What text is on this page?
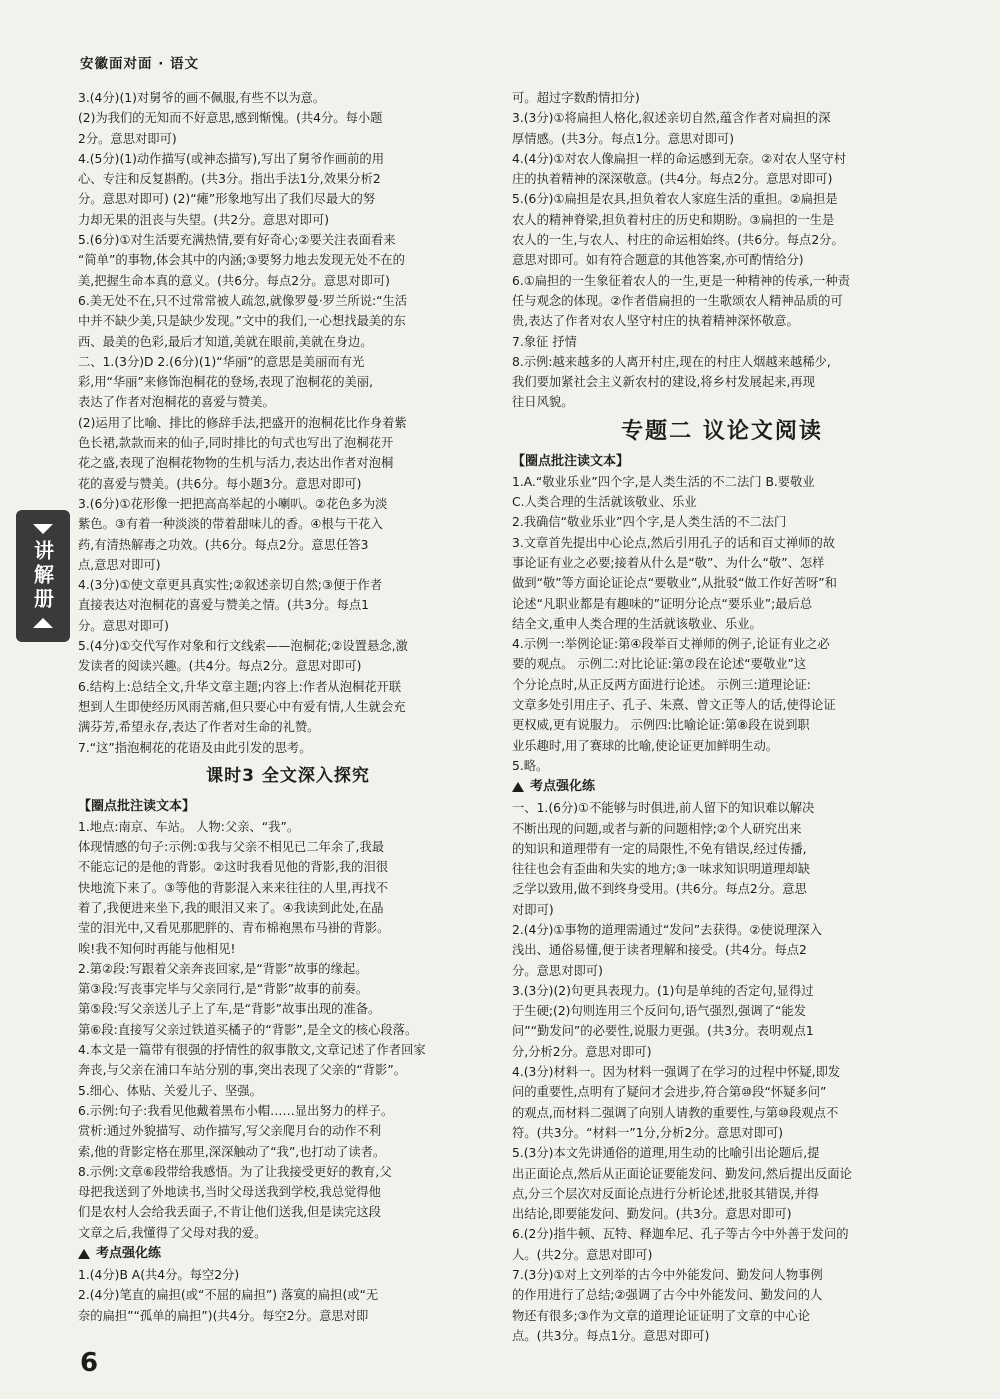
安徽面对面 · 语文
讲解册
3.(4分)(1)对舅爷的画不佩服,有些不以为意。
(2)为我们的无知而不好意思,感到惭愧。(共4分。每小题
2分。意思对即可)
4.(5分)(1)动作描写(或神态描写),写出了舅爷作画前的用
心、专注和反复斟酌。(共3分。指出手法1分,效果分析2
分。意思对即可) (2)“瘫”形象地写出了我们尽最大的努
力却无果的沮丧与失望。(共2分。意思对即可)
5.(6分)①对生活要充满热情,要有好奇心;②要关注表面看来
“简单”的事物,体会其中的内涵;③要努力地去发现无处不在的
美,把握生命本真的意义。(共6分。每点2分。意思对即可)
6.美无处不在,只不过常常被人疏忽,就像罗曼·罗兰所说:“生活
中并不缺少美,只是缺少发现。”文中的我们,一心想找最美的东
西、最美的色彩,最后才知道,美就在眼前,美就在身边。
二、1.(3分)D 2.(6分)(1)“华丽”的意思是美丽而有光
彩,用“华丽”来修饰泡桐花的登场,表现了泡桐花的美丽,
表达了作者对泡桐花的喜爱与赞美。
(2)运用了比喻、排比的修辞手法,把盛开的泡桐花比作身着紫
色长裙,款款而来的仙子,同时排比的句式也写出了泡桐花开
花之盛,表现了泡桐花物物的生机与活力,表达出作者对泡桐
花的喜爱与赞美。(共6分。每小题3分。意思对即可)
3.(6分)①花形像一把把高高举起的小喇叭。②花色多为淡
紫色。③有着一种淡淡的带着甜味儿的香。④根与干花入
药,有清热解毒之功效。(共6分。每点2分。意思任答3
点,意思对即可)
4.(3分)①使文章更具真实性;②叙述亲切自然;③便于作者
直接表达对泡桐花的喜爱与赞美之情。(共3分。每点1
分。意思对即可)
5.(4分)①交代写作对象和行文线索——泡桐花;②设置悬念,激
发读者的阅读兴趣。(共4分。每点2分。意思对即可)
6.结构上:总结全文,升华文章主题;内容上:作者从泡桐花开联
想到人生即使经历风雨苦痛,但只要心中有爱有情,人生就会充
满芬芳,希望永存,表达了作者对生命的礼赞。
7.“这”指泡桐花的花语及由此引发的思考。
课时3 全文深入探究
【圈点批注读文本】
1.地点:南京、车站。 人物:父亲、“我”。
体现情感的句子:示例:①我与父亲不相见已二年余了,我最
不能忘记的是他的背影。②这时我看见他的背影,我的泪很
快地流下来了。③等他的背影混入来来往往的人里,再找不
着了,我便进来坐下,我的眼泪又来了。④我读到此处,在晶
莹的泪光中,又看见那肥胖的、青布棉袍黑布马褂的背影。
唉!我不知何时再能与他相见!
2.第②段:写跟着父亲奔丧回家,是“背影”故事的缘起。
第③段:写丧事完毕与父亲同行,是“背影”故事的前奏。
第⑤段:写父亲送儿子上了车,是“背影”故事出现的准备。
第⑥段:直接写父亲过铁道买橘子的“背影”,是全文的核心段落。
4.本文是一篇带有很强的抒情性的叙事散文,文章记述了作者回家
奔丧,与父亲在浦口车站分别的事,突出表现了父亲的“背影”。
5.细心、体贴、关爱儿子、坚强。
6.示例:句子:我看见他戴着黑布小帽……显出努力的样子。
赏析:通过外貌描写、动作描写,写父亲爬月台的动作不利
索,他的背影定格在那里,深深触动了“我”,也打动了读者。
8.示例:文章⑥段带给我感悟。为了让我接受更好的教育,父
母把我送到了外地读书,当时父母送我到学校,我总觉得他
们是农村人会给我丢面子,不肯让他们送我,但是读完这段
文章之后,我懂得了父母对我的爱。
考点强化练
1.(4分)B A(共4分。每空2分)
2.(4分)笔直的扁担(或“不屈的扁担”) 落寞的扁担(或“无
奈的扁担”“孤单的扁担”)(共4分。每空2分。意思对即
可。超过字数酌情扣分)
3.(3分)①将扁担人格化,叙述亲切自然,蕴含作者对扁担的深
厚情感。(共3分。每点1分。意思对即可)
4.(4分)①对农人像扁担一样的命运感到无奈。②对农人坚守村
庄的执着精神的深深敬意。(共4分。每点2分。意思对即可)
5.(6分)①扁担是农具,担负着农人家庭生活的重担。②扁担是
农人的精神脊梁,担负着村庄的历史和期盼。③扁担的一生是
农人的一生,与农人、村庄的命运相始终。(共6分。每点2分。
意思对即可。如有符合题意的其他答案,亦可酌情给分)
6.①扁担的一生象征着农人的一生,更是一种精神的传承,一种责
任与观念的体现。②作者借扁担的一生歌颂农人精神品质的可
贵,表达了作者对农人坚守村庄的执着精神深怀敬意。
7.象征 抒情
8.示例:越来越多的人离开村庄,现在的村庄人烟越来越稀少,
我们要加紧社会主义新农村的建设,将乡村发展起来,再现
往日风貌。
专题二 议论文阅读
【圈点批注读文本】
1.A.“敬业乐业”四个字,是人类生活的不二法门 B.要敬业
C.人类合理的生活就该敬业、乐业
2.我确信“敬业乐业”四个字,是人类生活的不二法门
3.文章首先提出中心论点,然后引用孔子的话和百丈禅师的故
事论证有业之必要;接着从什么是“敬”、为什么“敬”、怎样
做到“敬”等方面论证论点“要敬业”,从批驳“做工作好苦呀”和
论述“凡职业都是有趣味的”证明分论点“要乐业”;最后总
结全文,重申人类合理的生活就该敬业、乐业。
4.示例一:举例论证:第④段举百丈禅师的例子,论证有业之必
要的观点。 示例二:对比论证:第⑦段在论述“要敬业”这
个分论点时,从正反两方面进行论述。 示例三:道理论证:
文章多处引用庄子、孔子、朱熹、曾文正等人的话,使得论证
更权威,更有说服力。 示例四:比喻论证:第⑧段在说到职
业乐趣时,用了赛球的比喻,使论证更加鲜明生动。
5.略。
考点强化练
一、1.(6分)①不能够与时俱进,前人留下的知识难以解决
不断出现的问题,或者与新的问题相悖;②个人研究出来
的知识和道理带有一定的局限性,不免有错误,经过传播,
往往也会有歪曲和失实的地方;③一味求知识明道理却缺
乏学以致用,做不到终身受用。(共6分。每点2分。意思
对即可)
2.(4分)①事物的道理需通过“发问”去获得。②使说理深入
浅出、通俗易懂,便于读者理解和接受。(共4分。每点2
分。意思对即可)
3.(3分)(2)句更具表现力。(1)句是单纯的否定句,显得过
于生硬;(2)句则连用三个反问句,语气强烈,强调了“能发
问”“勤发问”的必要性,说服力更强。(共3分。表明观点1
分,分析2分。意思对即可)
4.(3分)材料一。因为材料一强调了在学习的过程中怀疑,即发
问的重要性,点明有了疑问才会进步,符合第⑩段“怀疑多问”
的观点,而材料二强调了向别人请教的重要性,与第⑩段观点不
符。(共3分。“材料一”1分,分析2分。意思对即可)
5.(3分)本文先讲通俗的道理,用生动的比喻引出论题后,提
出正面论点,然后从正面论证要能发问、勤发问,然后提出反面论
点,分三个层次对反面论点进行分析论述,批驳其错误,并得
出结论,即要能发问、勤发问。(共3分。意思对即可)
6.(2分)指牛顿、瓦特、释迦牟尼、孔子等古今中外善于发问的
人。(共2分。意思对即可)
7.(3分)①对上文列举的古今中外能发问、勤发问人物事例
的作用进行了总结;②强调了古今中外能发问、勤发问的人
物还有很多;③作为文章的道理论证证明了文章的中心论
点。(共3分。每点1分。意思对即可)
6
